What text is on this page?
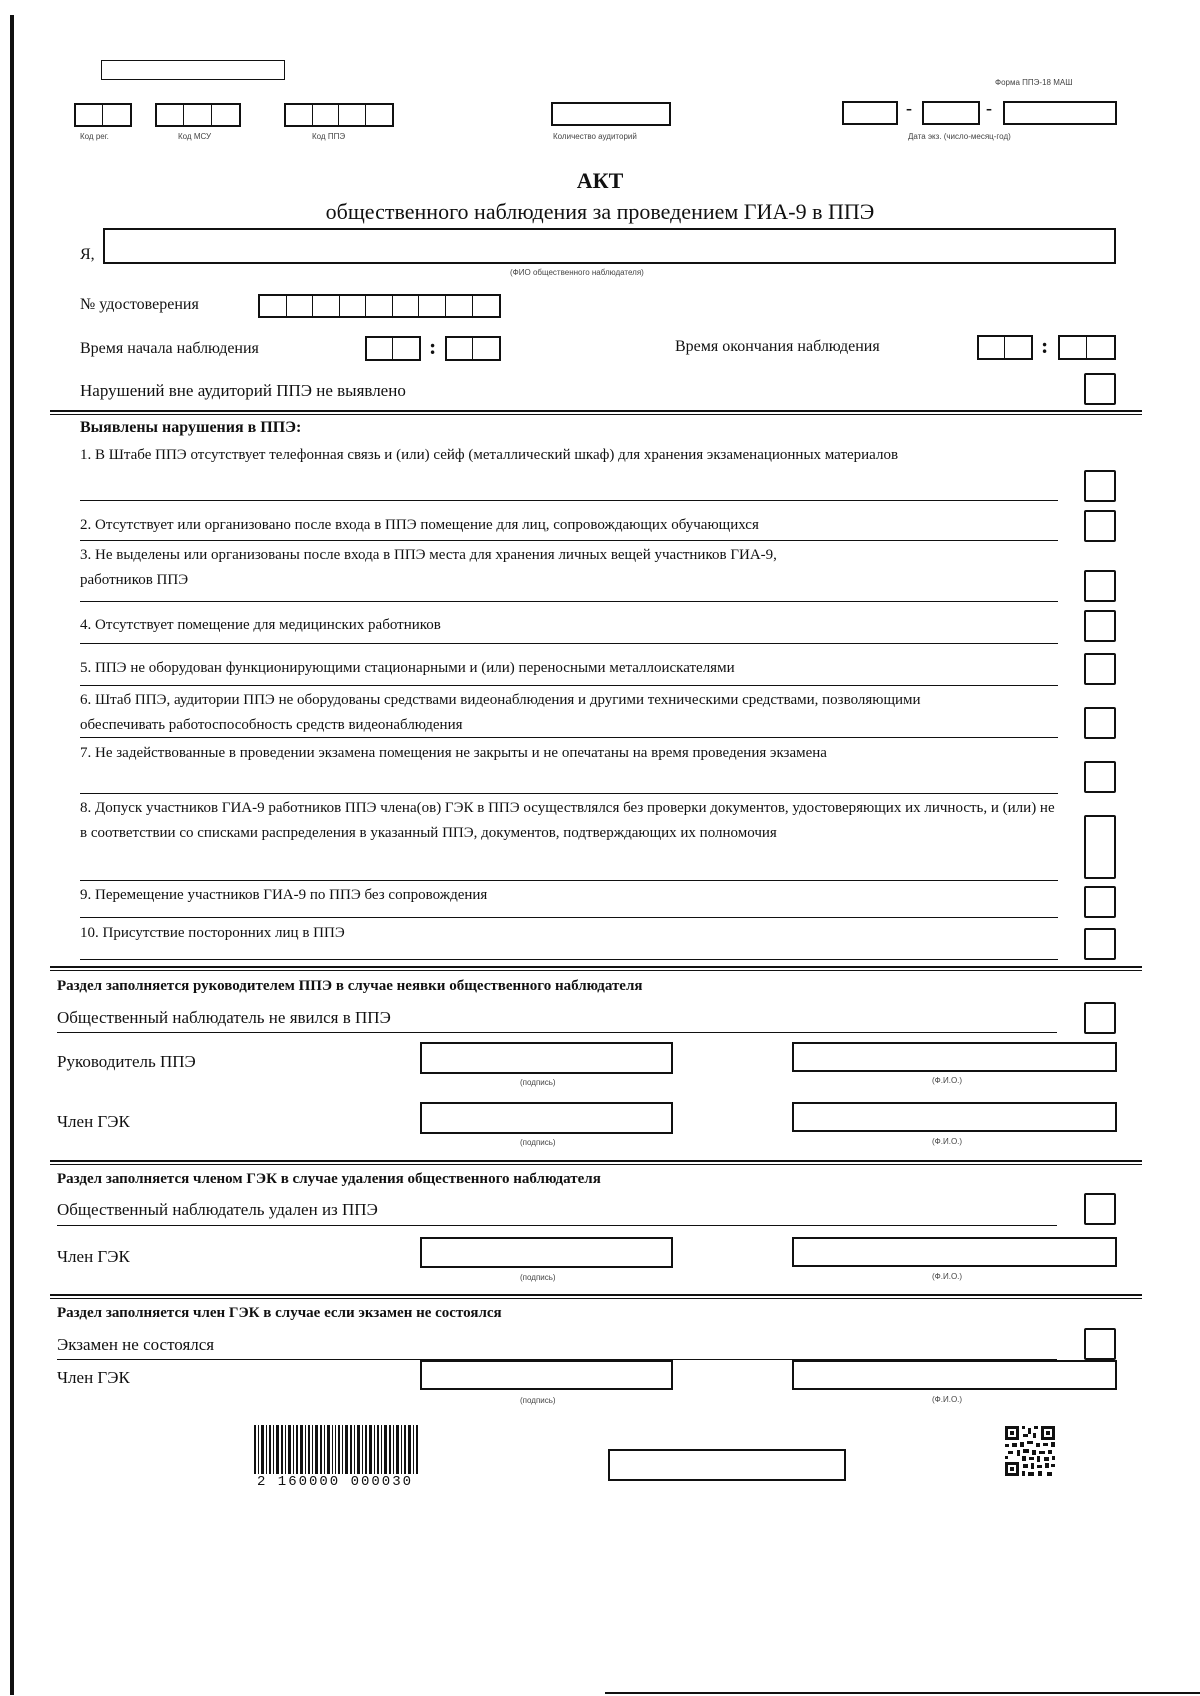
Форма ППЭ-18 МАШ
Код рег.	Код МСУ	Код ППЭ	Количество аудиторий
-	-
Дата экз. (число-месяц-год)
АКТ
общественного наблюдения за проведением ГИА-9 в ППЭ
Я,
(ФИО общественного наблюдателя)
№ удостоверения
Время начала наблюдения	:	Время окончания наблюдения	:
Нарушений вне аудиторий ППЭ не выявлено
Выявлены нарушения в ППЭ:
1. В Штабе ППЭ отсутствует телефонная связь и (или) сейф (металлический шкаф) для хранения экзаменационных материалов
2. Отсутствует или организовано после входа в ППЭ помещение для лиц, сопровождающих обучающихся
3. Не выделены или организованы после входа в ППЭ места для хранения личных вещей участников ГИА-9, работников ППЭ
4. Отсутствует помещение для медицинских работников
5. ППЭ не оборудован функционирующими стационарными и (или) переносными металлоискателями
6. Штаб ППЭ, аудитории ППЭ не оборудованы средствами видеонаблюдения и другими техническими средствами, позволяющими обеспечивать работоспособность средств видеонаблюдения
7. Не задействованные в проведении экзамена помещения не закрыты и не опечатаны на время проведения экзамена
8. Допуск участников ГИА-9 работников ППЭ члена(ов) ГЭК в ППЭ осуществлялся без проверки документов, удостоверяющих их личность, и (или) не в соответствии со списками распределения в указанный ППЭ, документов, подтверждающих их полномочия
9. Перемещение участников ГИА-9 по ППЭ без сопровождения
10. Присутствие посторонних лиц в ППЭ
Раздел заполняется руководителем ППЭ в случае неявки общественного наблюдателя
Общественный наблюдатель не явился в ППЭ
Руководитель ППЭ
(подпись)	(Ф.И.О.)
Член ГЭК
(подпись)	(Ф.И.О.)
Раздел заполняется членом ГЭК в случае удаления общественного наблюдателя
Общественный наблюдатель удален из ППЭ
Член ГЭК
(подпись)	(Ф.И.О.)
Раздел заполняется член ГЭК в случае если экзамен не состоялся
Экзамен не состоялся
Член ГЭК
(подпись)	(Ф.И.О.)
2 160000 000030
